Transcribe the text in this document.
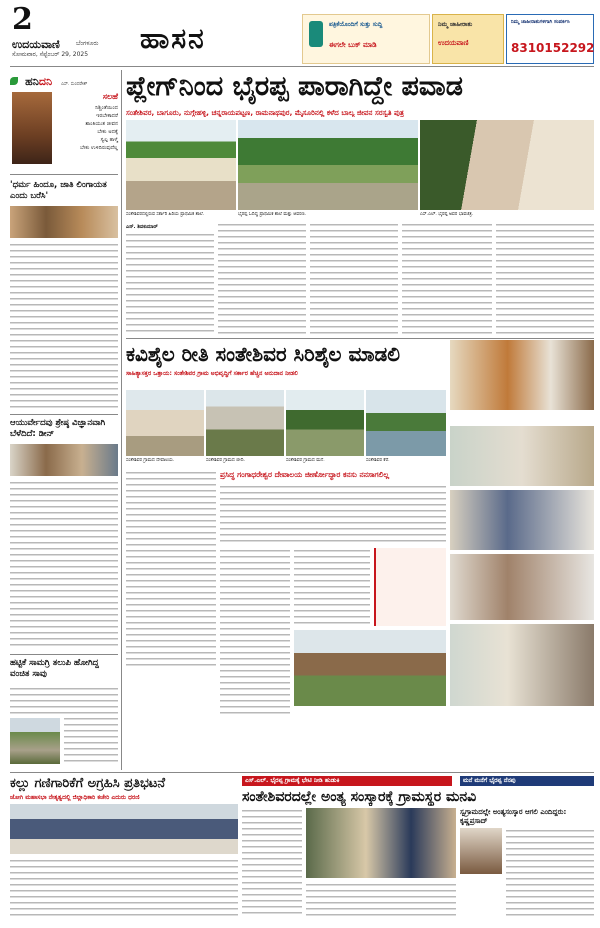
2
ಉದಯವಾಣಿ	ಬೆಂಗಳೂರು
ಸೋಮವಾರ, ಸೆಪ್ಟೆಂಬರ್ 29, 2025 ಹಾಸನ	ಪತ್ರಿಕೆಯೊಂದಿಗೆ ಸುತ್ತು ಸುದ್ದಿ
ಈಗಲೇ ಬುಕ್ ಮಾಡಿ
ನಿಮ್ಮ ಜಾಹೀರಾತು
ಉದಯವಾಣಿ
ನಿಮ್ಮ ಜಾಹೀರಾತುಗಳಿಗಾಗಿ ಸಂಪರ್ಕಿಸಿ
8310152292
ಹನಿದನಿ ಎಸ್. ಸುಂದರೇಶ್
ಸಲಹೆ
ನಿಶ್ಚಿಂತೆಯಿಂದ
ಇರಬೇಕಾದರೆ
ಶಾಂತಿಯುತ ಜೀವನ
ಬೇಕು ಅದಕ್ಕೆ
ಸ್ವಲ್ಪ ತಾಳ್ಮೆ
ಬೇಕು ಉಳಿದಿರುವುದೆಲ್ಲ
'ಧರ್ಮ ಹಿಂದೂ, ಜಾತಿ ಲಿಂಗಾಯತ ಎಂದು ಬರೆಸಿ'
ಆಯುರ್ವೇದವು ಶ್ರೇಷ್ಠ ವಿಜ್ಞಾನವಾಗಿ ಬೆಳೆದಿದೆ: ಡೀನ್
ಹಟ್ಟಿಕೆ ಸಾಮಗ್ರಿ ತಲುಪಿ ಹೋಗಿದ್ದ ವಂಚಿತ ಸಾವು
ಪ್ಲೇಗ್‌ನಿಂದ ಭೈರಪ್ಪ ಪಾರಾಗಿದ್ದೇ ಪವಾಡ
ಸಂತೇಶಿವರ, ಬಾಗೂರು, ನುಗ್ಗೇಹಳ್ಳಿ, ಚನ್ನರಾಯಪಟ್ಟಣ, ರಾಮನಾಥಪುರ, ಮೈಸೂರಿನಲ್ಲಿ ಕಳೆದ ಬಾಲ್ಯ ಜೀವನ ಸರಸ್ವತಿ ಪುತ್ರ
ಸಂತೇಶಿವರದಲ್ಲಿರುವ ಸರ್ಕಾರಿ ಹಿರಿಯ ಪ್ರಾಥಮಿಕ ಶಾಲೆ.	ಭೈರಪ್ಪ ಓದಿದ್ದ ಪ್ರಾಥಮಿಕ ಶಾಲೆ ಮತ್ತು ಆವರಣ.	ಎಸ್.ಎಲ್. ಭೈರಪ್ಪ ಅವರ ಭಾವಚಿತ್ರ.
ಎನ್. ಶಿವಕುಮಾರ್
ಕವಿಶೈಲ ರೀತಿ ಸಂತೇಶಿವರ ಸಿರಿಶೈಲ ಮಾಡಲಿ
ಸಾಹಿತ್ಯಾಸಕ್ತರ ಒತ್ತಾಯ: ಸಂತೇಶಿವರ ಗ್ರಾಮ ಅಭಿವೃದ್ಧಿಗೆ ಸರ್ಕಾರ ಹೆಚ್ಚಿನ ಅನುದಾನ ನೀಡಲಿ
ಸಂತೇಶಿವರ ಗ್ರಾಮದ ದೇವಾಲಯ.	ಸಂತೇಶಿವರ ಗ್ರಾಮದ ಬೀದಿ.	ಸಂತೇಶಿವರ ಗ್ರಾಮದ ಮನೆ.	ಸಂತೇಶಿವರ ಕೆರೆ.
ಪ್ರಸಿದ್ಧ ಗಂಗಾಧರೇಶ್ವರ ದೇವಾಲಯ ಜೀರ್ಣೋದ್ಧಾರ ಕನಸು ನನಸಾಗಲಿಲ್ಲ
ಕಲ್ಲು ಗಣಿಗಾರಿಕೆಗೆ ಅಗ್ರಹಿಸಿ ಪ್ರತಿಭಟನೆ
ಜೋಗಿ ಮಹಾಸಭಾ ನೇತೃತ್ವದಲ್ಲಿ ಜಿಲ್ಲಾಧಿಕಾರಿ ಕಚೇರಿ ಎದುರು ಧರಣಿ
ಎಸ್.ಎಲ್. ಭೈರಪ್ಪ ಗ್ರಾಮಕ್ಕೆ ಭೇಟಿ ನೀಡಿ ಹುಡುಕಿ
ಸಂತೇಶಿವರದಲ್ಲೇ ಅಂತ್ಯ ಸಂಸ್ಕಾರಕ್ಕೆ ಗ್ರಾಮಸ್ಥರ ಮನವಿ
ಮನೆ ಮನೆಗೆ ಭೈರಪ್ಪ ನೆನಪು
ಸ್ವಗ್ರಾಮದಲ್ಲೇ ಅಂತ್ಯಸಂಸ್ಕಾರ ಆಗಲಿ ಎಂದಿದ್ದರು: ಕೃಷ್ಣಪ್ರಸಾದ್
